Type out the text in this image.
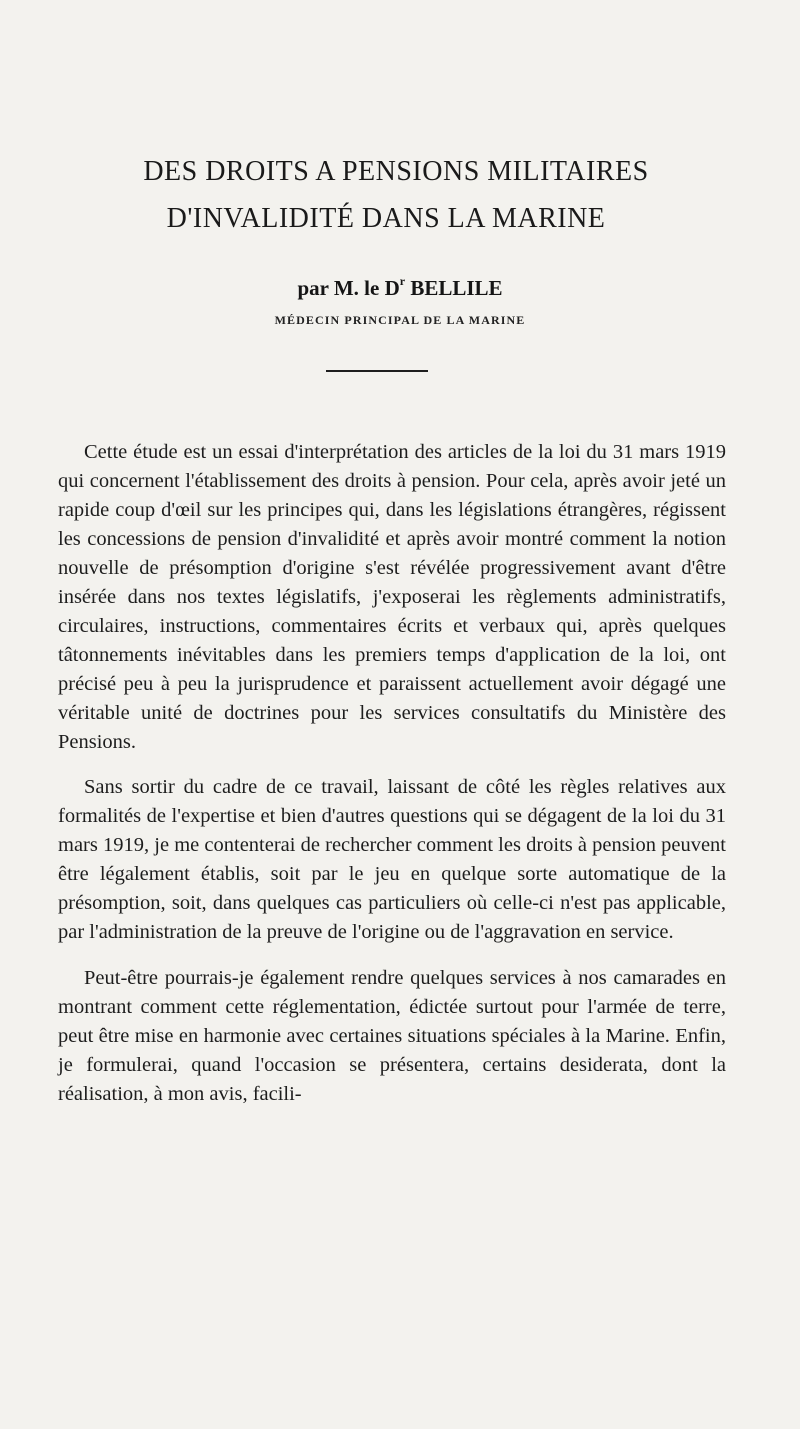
DES DROITS A PENSIONS MILITAIRES
D'INVALIDITÉ DANS LA MARINE
par M. le $D^r$ BELLILE
MÉDECIN PRINCIPAL DE LA MARINE

Cette étude est un essai d'interprétation des articles de la loi du 31 mars 1919 qui concernent l'établissement des droits à pension. Pour cela, après avoir jeté un rapide coup d'œil sur les principes qui, dans les législations étrangères, régissent les concessions de pension d'invalidité et après avoir montré comment la notion nouvelle de présomption d'origine s'est révélée progressivement avant d'être insérée dans nos textes législatifs, j'exposerai les règlements administratifs, circulaires, instructions, commentaires écrits et verbaux qui, après quelques tâtonnements inévitables dans les premiers temps d'application de la loi, ont précisé peu à peu la jurisprudence et paraissent actuellement avoir dégagé une véritable unité de doctrines pour les services consultatifs du Ministère des Pensions.

Sans sortir du cadre de ce travail, laissant de côté les règles relatives aux formalités de l'expertise et bien d'autres questions qui se dégagent de la loi du 31 mars 1919, je me contenterai de rechercher comment les droits à pension peuvent être légalement établis, soit par le jeu en quelque sorte automatique de la présomption, soit, dans quelques cas particuliers où celle-ci n'est pas applicable, par l'administration de la preuve de l'origine ou de l'aggravation en service.

Peut-être pourrais-je également rendre quelques services à nos camarades en montrant comment cette réglementation, édictée surtout pour l'armée de terre, peut être mise en harmonie avec certaines situations spéciales à la Marine. Enfin, je formulerai, quand l'occasion se présentera, certains desiderata, dont la réalisation, à mon avis, facili-
